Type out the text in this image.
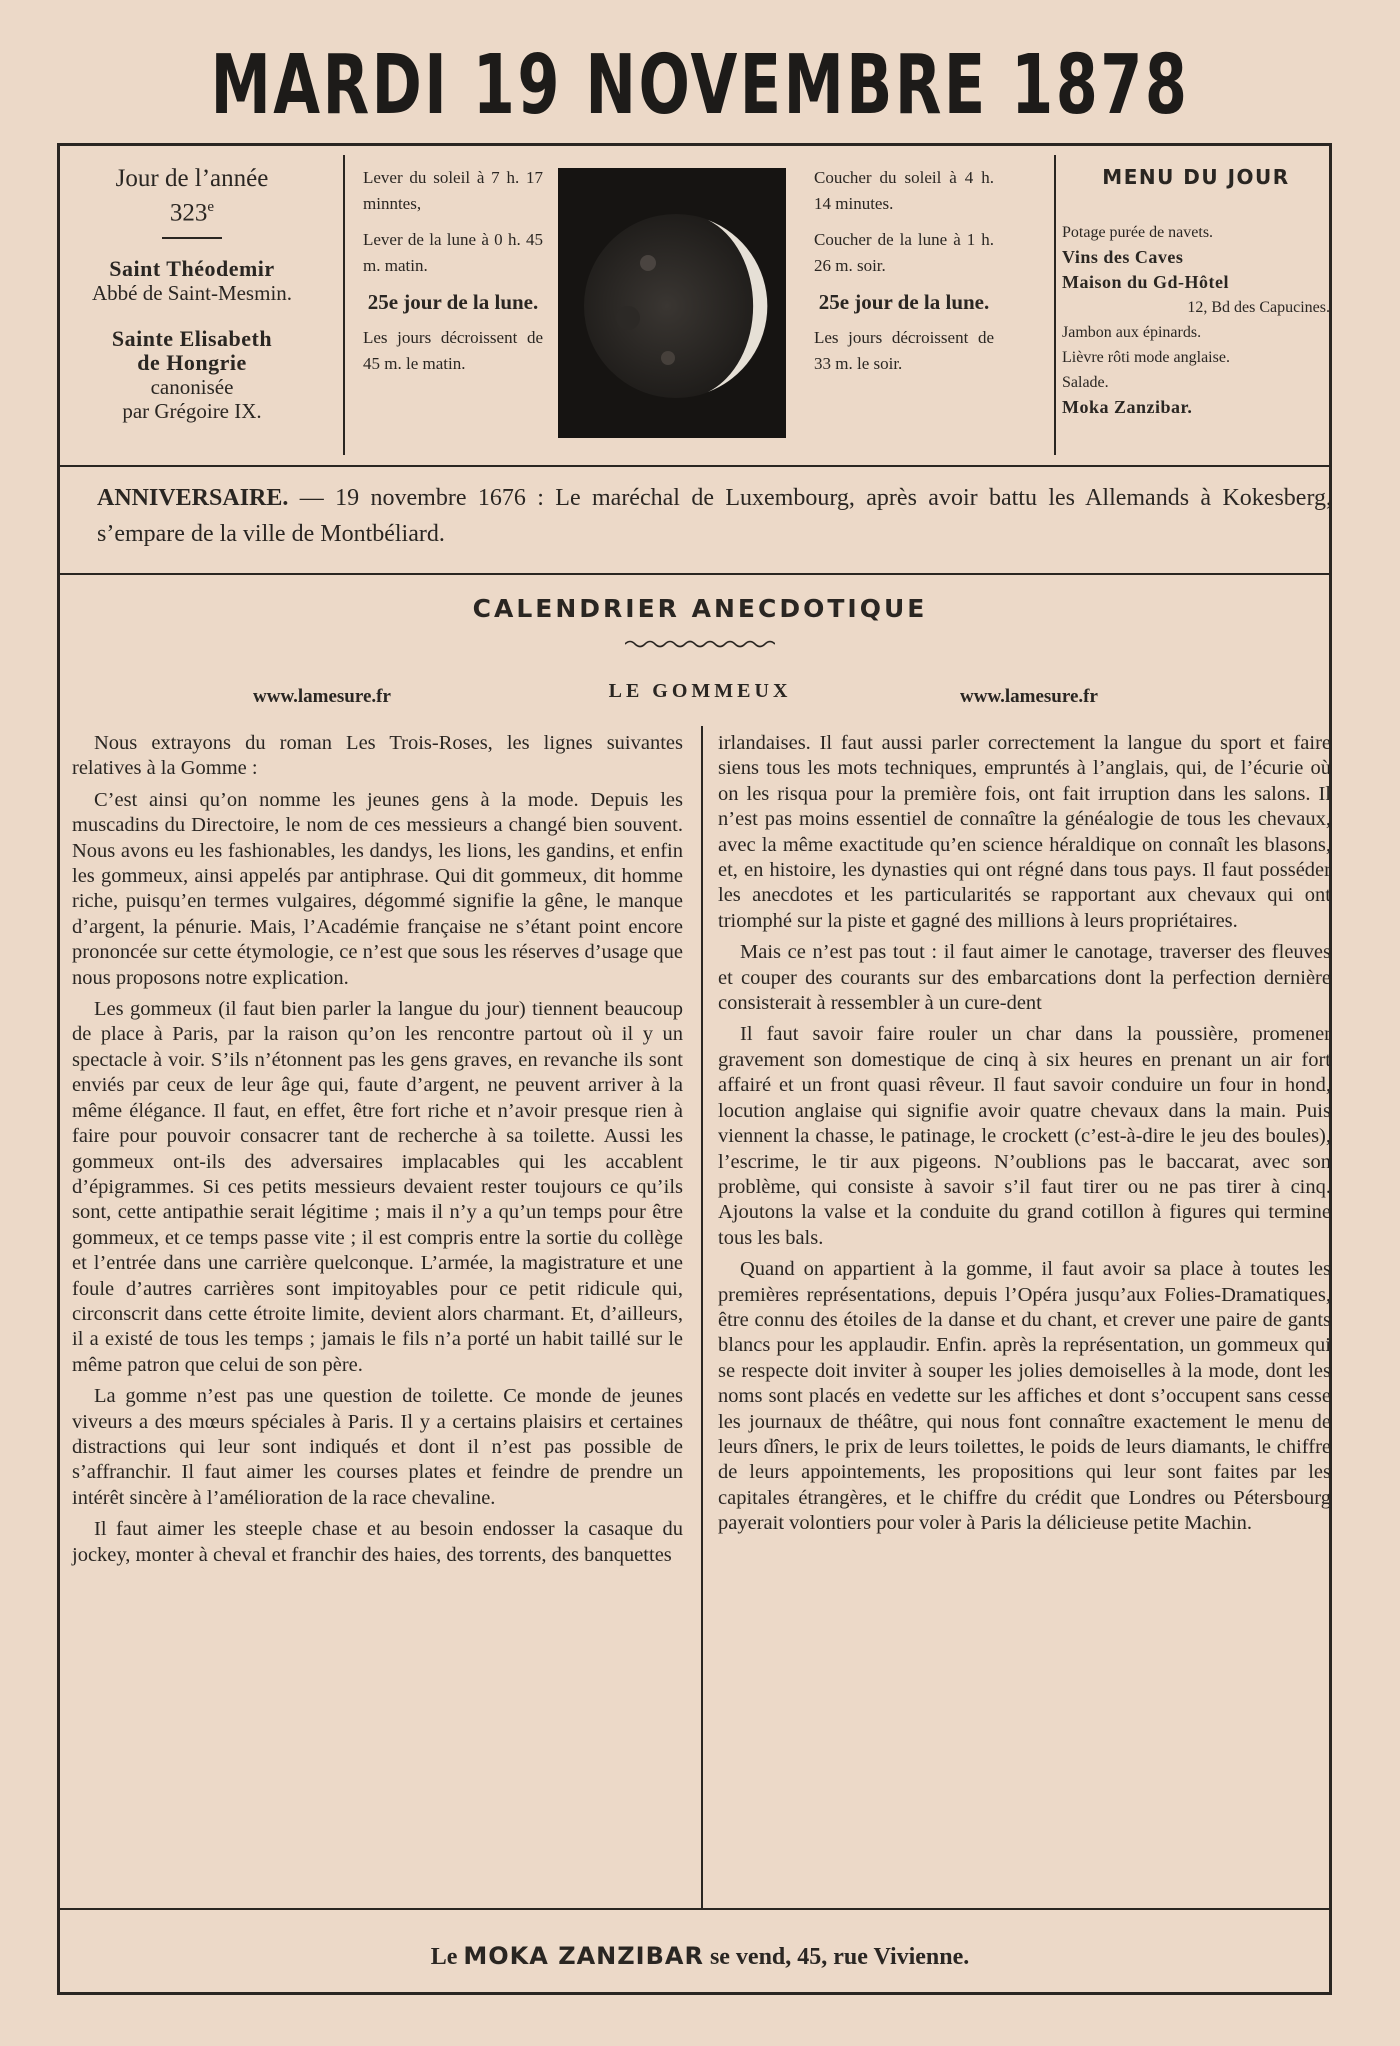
MARDI 19 NOVEMBRE 1878
Jour de l’année
323e
Saint Théodemir
Abbé de Saint-Mesmin.
Sainte Elisabeth
de Hongrie
canonisée
par Grégoire IX.

Lever du soleil à 7 h. 17 minntes,

Lever de la lune à 0 h. 45 m. matin.

25e jour de la lune.

Les jours décroissent de 45 m. le matin.

Coucher du soleil à 4 h. 14 minutes.

Coucher de la lune à 1 h. 26 m. soir.

25e jour de la lune.

Les jours décroissent de 33 m. le soir.

MENU DU JOUR
Potage purée de navets.
Vins des Caves
Maison du Gd-Hôtel
12, Bd des Capucines.
Jambon aux épinards.
Lièvre rôti mode anglaise.
Salade.
Moka Zanzibar.
ANNIVERSAIRE. — 19 novembre 1676 : Le maréchal de Luxembourg, après avoir battu les Allemands à Kokesberg, s’empare de la ville de Montbéliard.
CALENDRIER ANECDOTIQUE
LE GOMMEUX
www.lamesure.fr	www.lamesure.fr

Nous extrayons du roman Les Trois-Roses, les lignes suivantes relatives à la Gomme :

C’est ainsi qu’on nomme les jeunes gens à la mode. Depuis les muscadins du Directoire, le nom de ces messieurs a changé bien souvent. Nous avons eu les fashionables, les dandys, les lions, les gandins, et enfin les gommeux, ainsi appelés par antiphrase. Qui dit gommeux, dit homme riche, puisqu’en termes vulgaires, dégommé signifie la gêne, le manque d’argent, la pénurie. Mais, l’Académie française ne s’étant point encore prononcée sur cette étymologie, ce n’est que sous les réserves d’usage que nous proposons notre explication.

Les gommeux (il faut bien parler la langue du jour) tiennent beaucoup de place à Paris, par la raison qu’on les rencontre partout où il y un spectacle à voir. S’ils n’étonnent pas les gens graves, en revanche ils sont enviés par ceux de leur âge qui, faute d’argent, ne peuvent arriver à la même élégance. Il faut, en effet, être fort riche et n’avoir presque rien à faire pour pouvoir consacrer tant de recherche à sa toilette. Aussi les gommeux ont-ils des adversaires implacables qui les accablent d’épigrammes. Si ces petits messieurs devaient rester toujours ce qu’ils sont, cette antipathie serait légitime ; mais il n’y a qu’un temps pour être gommeux, et ce temps passe vite ; il est compris entre la sortie du collège et l’entrée dans une carrière quelconque. L’armée, la magistrature et une foule d’autres carrières sont impitoyables pour ce petit ridicule qui, circonscrit dans cette étroite limite, devient alors charmant. Et, d’ailleurs, il a existé de tous les temps ; jamais le fils n’a porté un habit taillé sur le même patron que celui de son père.

La gomme n’est pas une question de toilette. Ce monde de jeunes viveurs a des mœurs spéciales à Paris. Il y a certains plaisirs et certaines distractions qui leur sont indiqués et dont il n’est pas possible de s’affranchir. Il faut aimer les courses plates et feindre de prendre un intérêt sincère à l’amélioration de la race chevaline.

Il faut aimer les steeple chase et au besoin endosser la casaque du jockey, monter à cheval et franchir des haies, des torrents, des banquettes

irlandaises. Il faut aussi parler correctement la langue du sport et faire siens tous les mots techniques, empruntés à l’anglais, qui, de l’écurie où on les risqua pour la première fois, ont fait irruption dans les salons. Il n’est pas moins essentiel de connaître la généalogie de tous les chevaux, avec la même exactitude qu’en science héraldique on connaît les blasons, et, en histoire, les dynasties qui ont régné dans tous pays. Il faut posséder les anecdotes et les particularités se rapportant aux chevaux qui ont triomphé sur la piste et gagné des millions à leurs propriétaires.

Mais ce n’est pas tout : il faut aimer le canotage, traverser des fleuves et couper des courants sur des embarcations dont la perfection dernière consisterait à ressembler à un cure-dent

Il faut savoir faire rouler un char dans la poussière, promener gravement son domestique de cinq à six heures en prenant un air fort affairé et un front quasi rêveur. Il faut savoir conduire un four in hond, locution anglaise qui signifie avoir quatre chevaux dans la main. Puis viennent la chasse, le patinage, le crockett (c’est-à-dire le jeu des boules), l’escrime, le tir aux pigeons. N’oublions pas le baccarat, avec son problème, qui consiste à savoir s’il faut tirer ou ne pas tirer à cinq. Ajoutons la valse et la conduite du grand cotillon à figures qui termine tous les bals.

Quand on appartient à la gomme, il faut avoir sa place à toutes les premières représentations, depuis l’Opéra jusqu’aux Folies-Dramatiques, être connu des étoiles de la danse et du chant, et crever une paire de gants blancs pour les applaudir. Enfin. après la représentation, un gommeux qui se respecte doit inviter à souper les jolies demoiselles à la mode, dont les noms sont placés en vedette sur les affiches et dont s’occupent sans cesse les journaux de théâtre, qui nous font connaître exactement le menu de leurs dîners, le prix de leurs toilettes, le poids de leurs diamants, le chiffre de leurs appointements, les propositions qui leur sont faites par les capitales étrangères, et le chiffre du crédit que Londres ou Pétersbourg payerait volontiers pour voler à Paris la délicieuse petite Machin.

Le MOKA ZANZIBAR se vend, 45, rue Vivienne.
